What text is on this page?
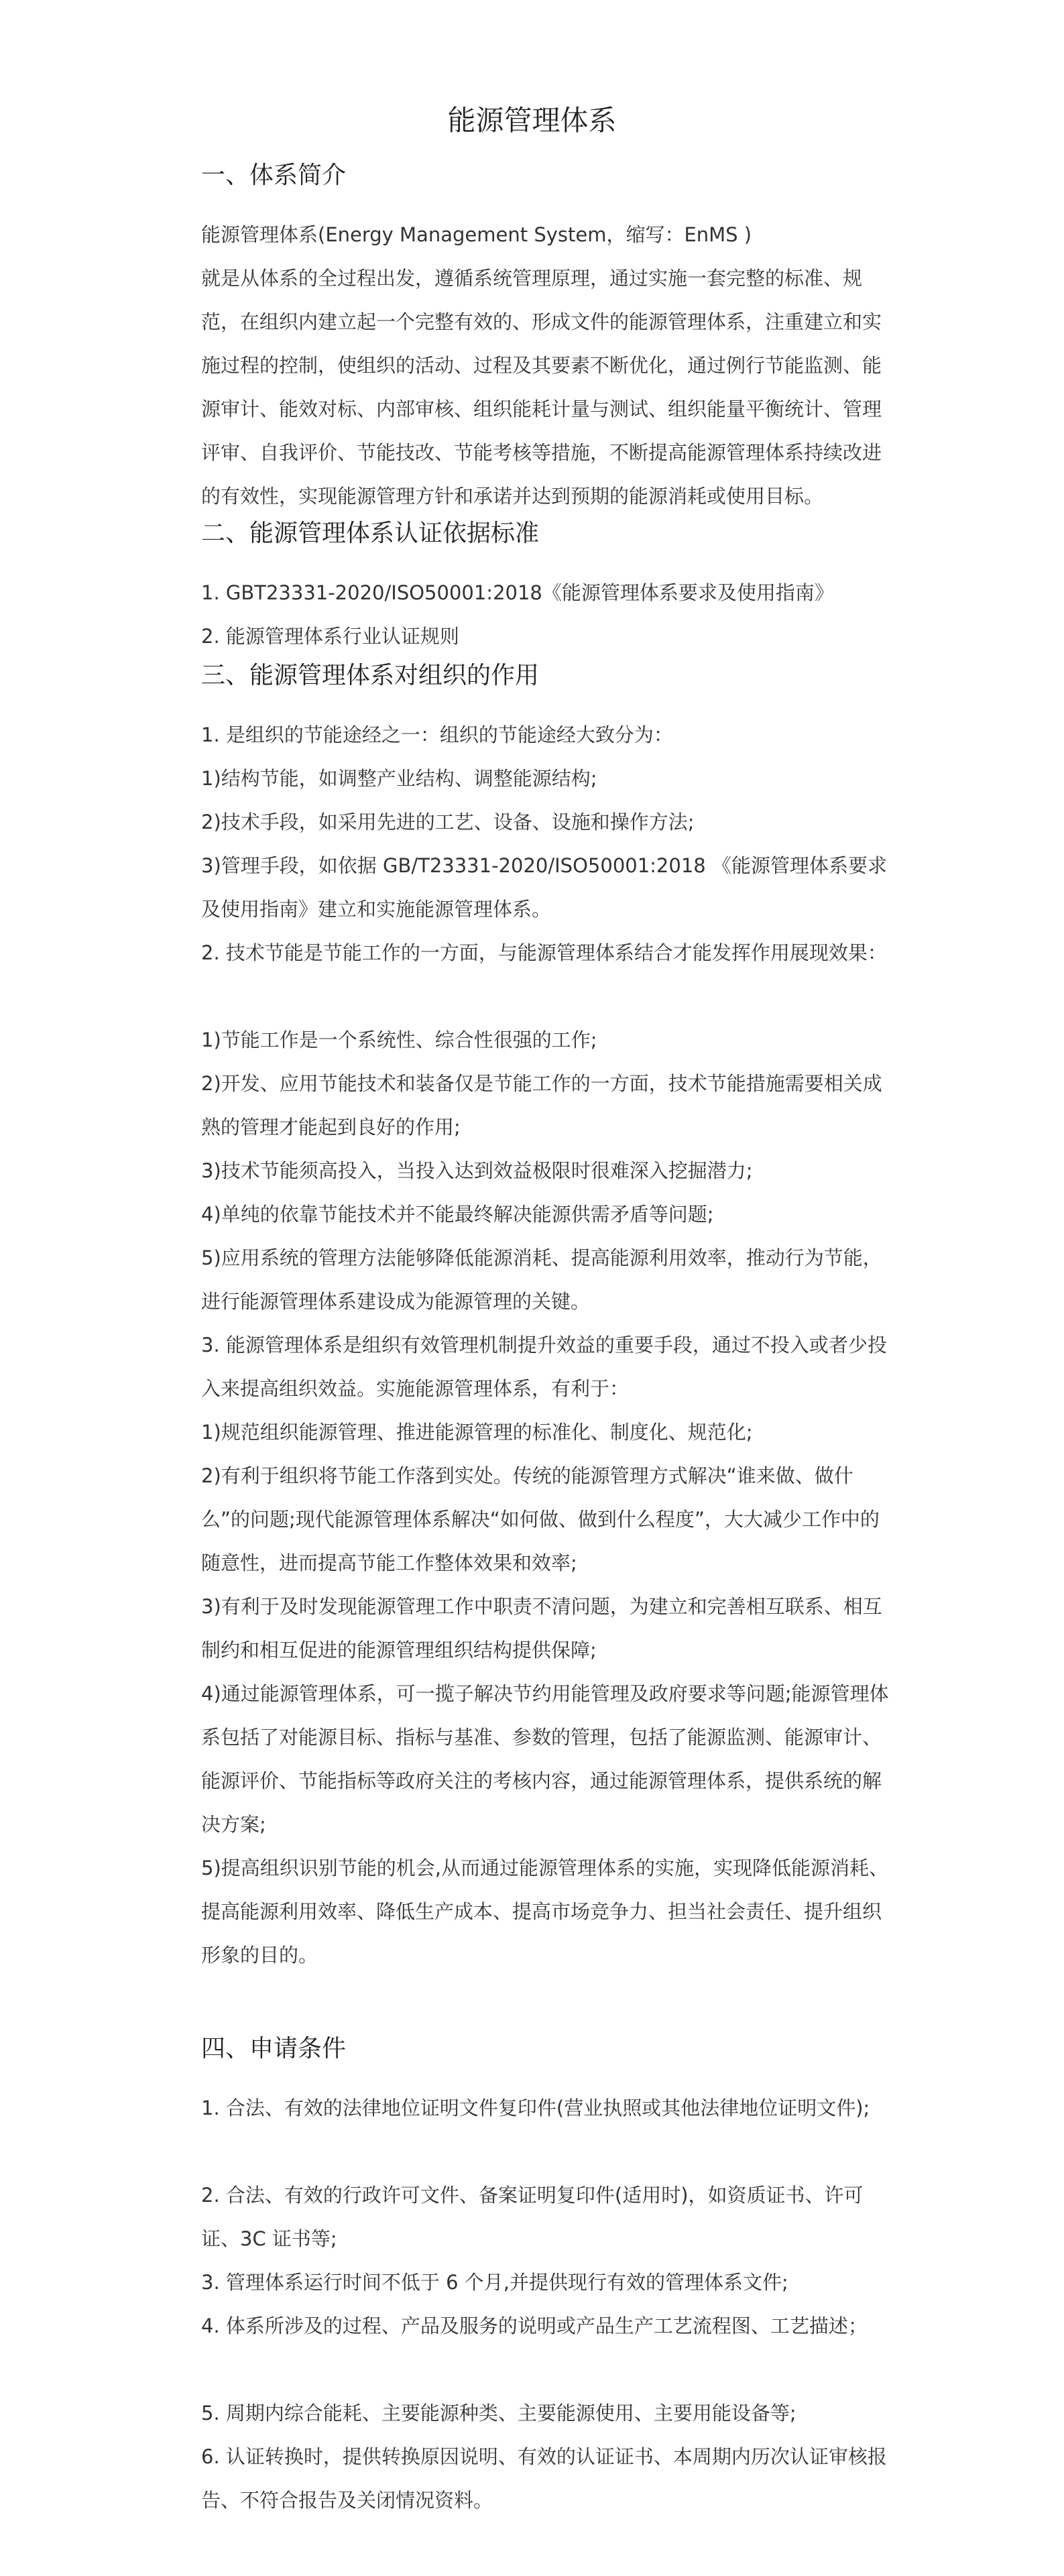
能源管理体系
一、体系简介
能源管理体系(Energy Management System，缩写：EnMS )
就是从体系的全过程出发，遵循系统管理原理，通过实施一套完整的标准、规范，在组织内建立起一个完整有效的、形成文件的能源管理体系，注重建立和实施过程的控制，使组织的活动、过程及其要素不断优化，通过例行节能监测、能源审计、能效对标、内部审核、组织能耗计量与测试、组织能量平衡统计、管理评审、自我评价、节能技改、节能考核等措施，不断提高能源管理体系持续改进的有效性，实现能源管理方针和承诺并达到预期的能源消耗或使用目标。
二、能源管理体系认证依据标准
1. GBT23331-2020/ISO50001:2018《能源管理体系要求及使用指南》
2. 能源管理体系行业认证规则
三、能源管理体系对组织的作用
1. 是组织的节能途经之一：组织的节能途经大致分为：
1)结构节能，如调整产业结构、调整能源结构;
2)技术手段，如采用先进的工艺、设备、设施和操作方法;
3)管理手段，如依据 GB/T23331-2020/ISO50001:2018 《能源管理体系要求及使用指南》建立和实施能源管理体系。
2. 技术节能是节能工作的一方面，与能源管理体系结合才能发挥作用展现效果：
1)节能工作是一个系统性、综合性很强的工作;
2)开发、应用节能技术和装备仅是节能工作的一方面，技术节能措施需要相关成熟的管理才能起到良好的作用;
3)技术节能须高投入，当投入达到效益极限时很难深入挖掘潜力;
4)单纯的依靠节能技术并不能最终解决能源供需矛盾等问题;
5)应用系统的管理方法能够降低能源消耗、提高能源利用效率，推动行为节能，进行能源管理体系建设成为能源管理的关键。
3. 能源管理体系是组织有效管理机制提升效益的重要手段，通过不投入或者少投入来提高组织效益。实施能源管理体系，有利于：
1)规范组织能源管理、推进能源管理的标准化、制度化、规范化;
2)有利于组织将节能工作落到实处。传统的能源管理方式解决“谁来做、做什么”的问题;现代能源管理体系解决“如何做、做到什么程度”，大大减少工作中的随意性，进而提高节能工作整体效果和效率;
3)有利于及时发现能源管理工作中职责不清问题，为建立和完善相互联系、相互制约和相互促进的能源管理组织结构提供保障;
4)通过能源管理体系，可一揽子解决节约用能管理及政府要求等问题;能源管理体系包括了对能源目标、指标与基准、参数的管理，包括了能源监测、能源审计、能源评价、节能指标等政府关注的考核内容，通过能源管理体系，提供系统的解决方案;
5)提高组织识别节能的机会,从而通过能源管理体系的实施，实现降低能源消耗、提高能源利用效率、降低生产成本、提高市场竞争力、担当社会责任、提升组织形象的目的。
四、申请条件
1. 合法、有效的法律地位证明文件复印件(营业执照或其他法律地位证明文件);
2. 合法、有效的行政许可文件、备案证明复印件(适用时)，如资质证书、许可证、3C 证书等;
3. 管理体系运行时间不低于 6 个月,并提供现行有效的管理体系文件;
4. 体系所涉及的过程、产品及服务的说明或产品生产工艺流程图、工艺描述；
5. 周期内综合能耗、主要能源种类、主要能源使用、主要用能设备等;
6. 认证转换时，提供转换原因说明、有效的认证证书、本周期内历次认证审核报告、不符合报告及关闭情况资料。
